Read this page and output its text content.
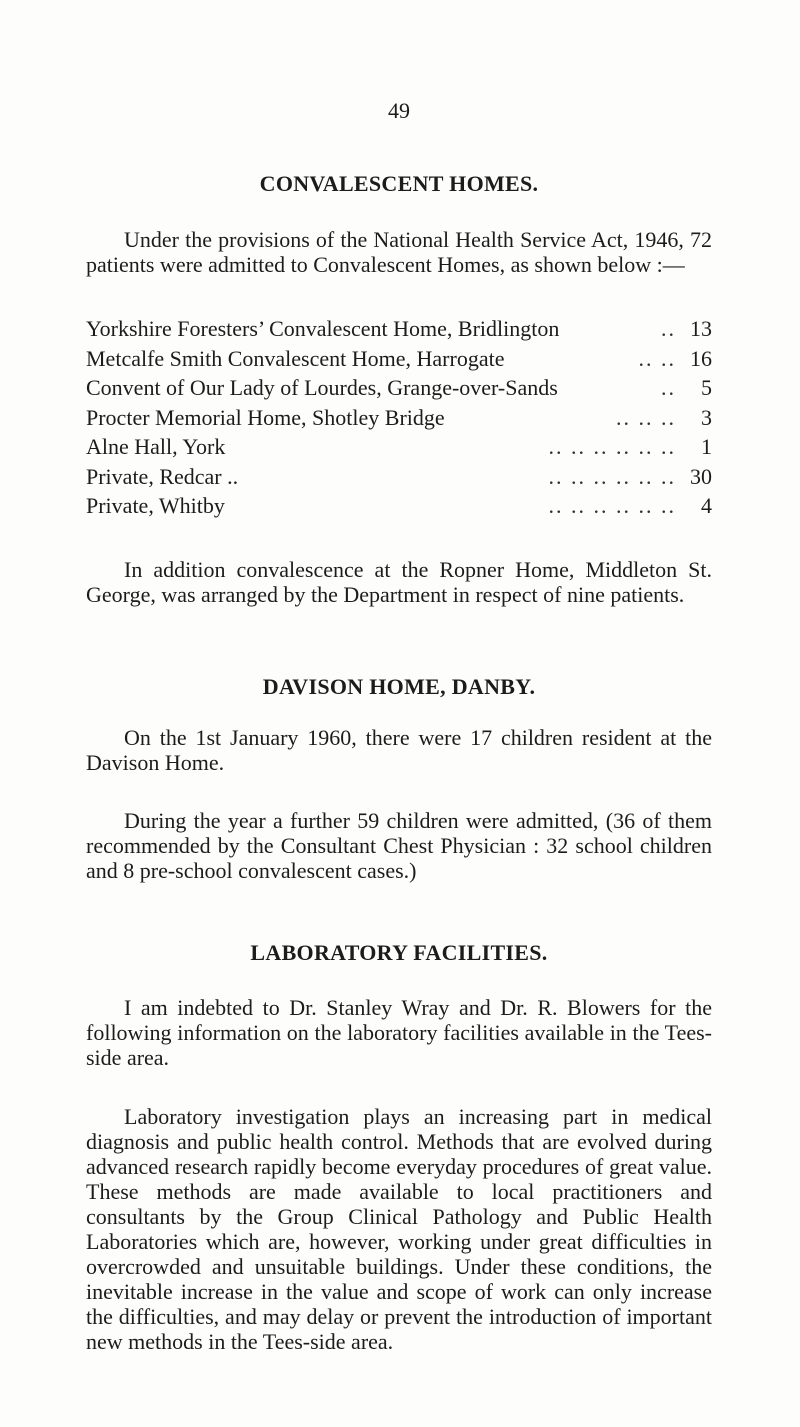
49
CONVALESCENT HOMES.

Under the provisions of the National Health Service Act, 1946, 72 patients were admitted to Convalescent Homes, as shown below :—

Yorkshire Foresters’ Convalescent Home, Bridlington	.. 13
Metcalfe Smith Convalescent Home, Harrogate	.. .. 16
Convent of Our Lady of Lourdes, Grange-over-Sands	..	5
Procter Memorial Home, Shotley Bridge	.. .. ..	3
Alne Hall, York	.. .. .. .. .. ..	1
Private, Redcar ..	.. .. .. .. .. .. 30
Private, Whitby	.. .. .. .. .. ..	4

In addition convalescence at the Ropner Home, Middleton St. George, was arranged by the Department in respect of nine patients.

DAVISON HOME, DANBY.

On the 1st January 1960, there were 17 children resident at the Davison Home.

During the year a further 59 children were admitted, (36 of them recommended by the Consultant Chest Physician : 32 school children and 8 pre-school convalescent cases.)

LABORATORY FACILITIES.

I am indebted to Dr. Stanley Wray and Dr. R. Blowers for the following information on the laboratory facilities available in the Tees-side area.

Laboratory investigation plays an increasing part in medical diagnosis and public health control. Methods that are evolved during advanced research rapidly become everyday procedures of great value. These methods are made available to local practitioners and consultants by the Group Clinical Pathology and Public Health Laboratories which are, however, working under great difficulties in overcrowded and unsuitable buildings. Under these conditions, the inevitable increase in the value and scope of work can only increase the difficulties, and may delay or prevent the introduction of important new methods in the Tees-side area.
